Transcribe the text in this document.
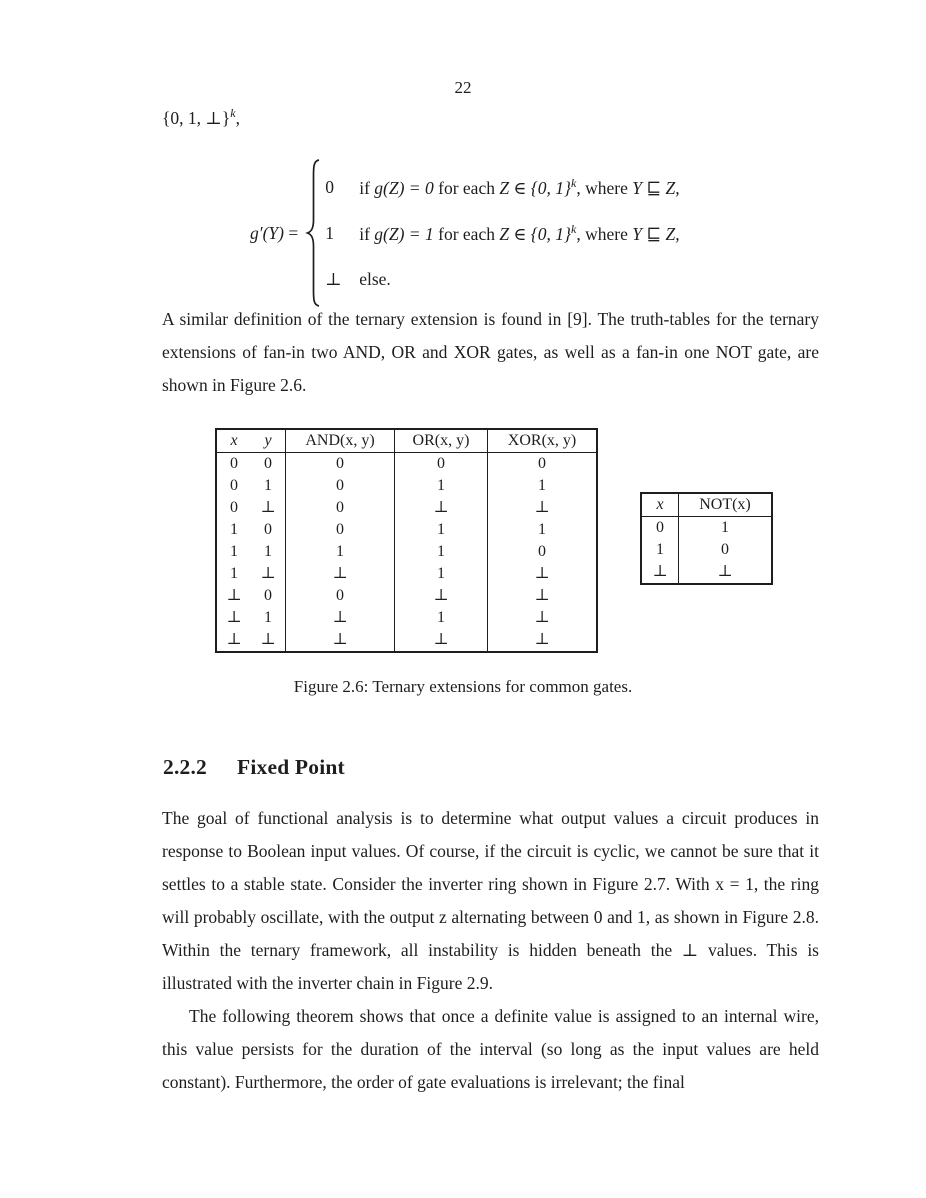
22
{0, 1, ⊥}$^k$,
g′(Y) =
0	if g(Z) = 0 for each Z ∈ {0, 1}$^k$, where Y ⊑ Z,
1	if g(Z) = 1 for each Z ∈ {0, 1}$^k$, where Y ⊑ Z,
⊥	else.
A similar definition of the ternary extension is found in [9]. The truth-tables for the ternary extensions of fan-in two AND, OR and XOR gates, as well as a fan-in one NOT gate, are shown in Figure 2.6.
x	y	AND(x, y)	OR(x, y)	XOR(x, y)
0	0	0	0	0
0	1	0	1	1
0	⊥	0	⊥	⊥
1	0	0	1	1
1	1	1	1	0
1	⊥	⊥	1	⊥
⊥	0	0	⊥	⊥
⊥	1	⊥	1	⊥
⊥	⊥	⊥	⊥	⊥
x	NOT(x)
0	1
1	0
⊥	⊥
Figure 2.6: Ternary extensions for common gates.
2.2.2 Fixed Point
The goal of functional analysis is to determine what output values a circuit produces in response to Boolean input values. Of course, if the circuit is cyclic, we cannot be sure that it settles to a stable state. Consider the inverter ring shown in Figure 2.7. With x = 1, the ring will probably oscillate, with the output z alternating between 0 and 1, as shown in Figure 2.8. Within the ternary framework, all instability is hidden beneath the ⊥ values. This is illustrated with the inverter chain in Figure 2.9.
The following theorem shows that once a definite value is assigned to an internal wire, this value persists for the duration of the interval (so long as the input values are held constant). Furthermore, the order of gate evaluations is irrelevant; the final
